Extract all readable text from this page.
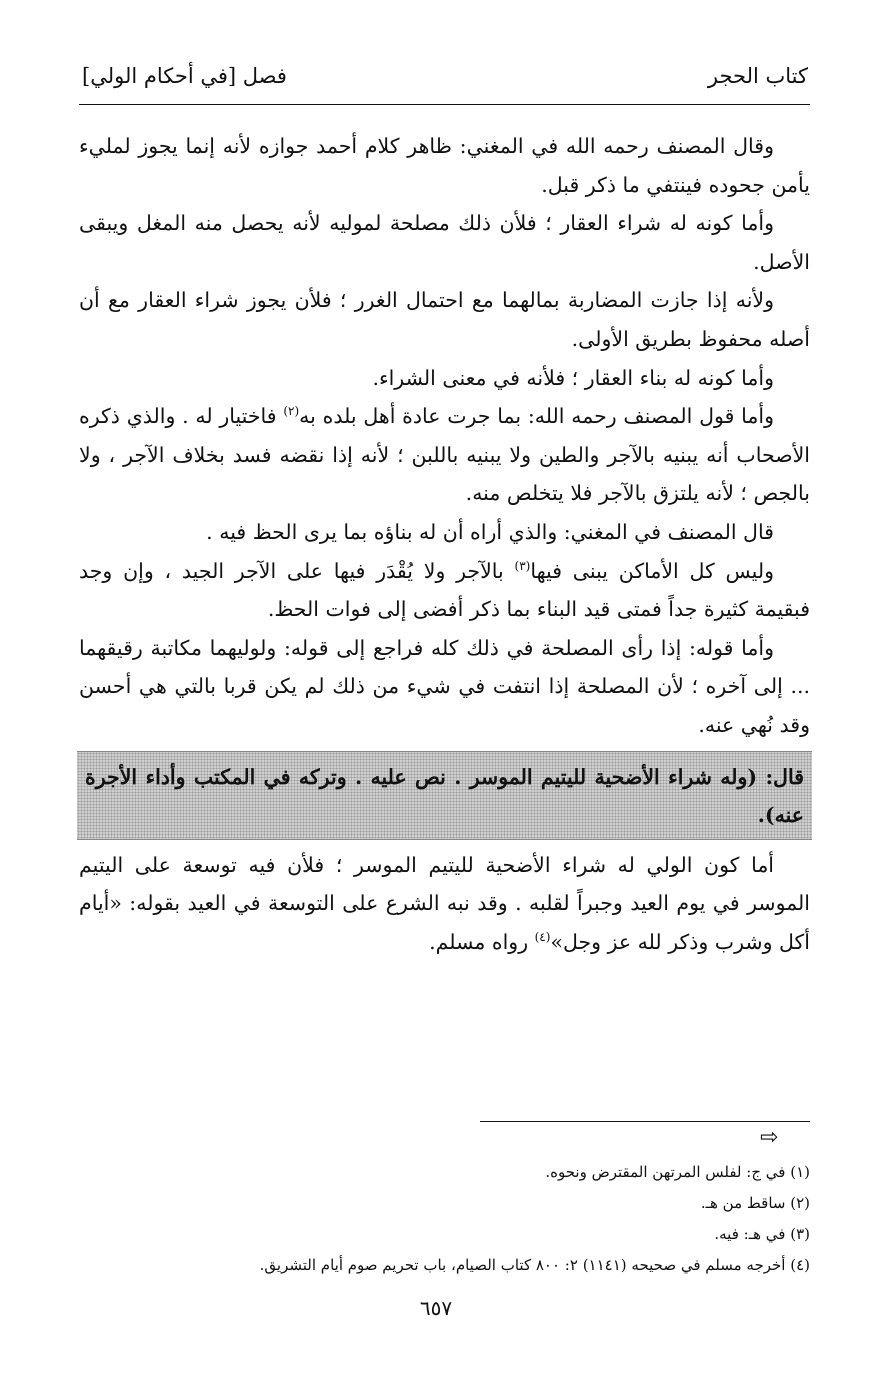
كتاب الحجر
فصل [في أحكام الولي]

وقال المصنف رحمه الله في المغني: ظاهر كلام أحمد جوازه لأنه إنما يجوز لمليء يأمن جحوده فينتفي ما ذكر قبل.

وأما كونه له شراء العقار ؛ فلأن ذلك مصلحة لموليه لأنه يحصل منه المغل ويبقى الأصل.

ولأنه إذا جازت المضاربة بمالهما مع احتمال الغرر ؛ فلأن يجوز شراء العقار مع أن أصله محفوظ بطريق الأولى.

وأما كونه له بناء العقار ؛ فلأنه في معنى الشراء.

وأما قول المصنف رحمه الله: بما جرت عادة أهل بلده به$^{(٢)}$ فاختيار له . والذي ذكره الأصحاب أنه يبنيه بالآجر والطين ولا يبنيه باللبن ؛ لأنه إذا نقضه فسد بخلاف الآجر ، ولا بالجص ؛ لأنه يلتزق بالآجر فلا يتخلص منه.

قال المصنف في المغني: والذي أراه أن له بناؤه بما يرى الحظ فيه .

وليس كل الأماكن يبنى فيها$^{(٣)}$ بالآجر ولا يُقْدَر فيها على الآجر الجيد ، وإن وجد فبقيمة كثيرة جداً فمتى قيد البناء بما ذكر أفضى إلى فوات الحظ.

وأما قوله: إذا رأى المصلحة في ذلك كله فراجع إلى قوله: ولوليهما مكاتبة رقيقهما ... إلى آخره ؛ لأن المصلحة إذا انتفت في شيء من ذلك لم يكن قربا بالتي هي أحسن وقد نُهي عنه.

قال: (وله شراء الأضحية لليتيم الموسر . نص عليه . وتركه في المكتب وأداء الأجرة عنه).

أما كون الولي له شراء الأضحية لليتيم الموسر ؛ فلأن فيه توسعة على اليتيم الموسر في يوم العيد وجبراً لقلبه . وقد نبه الشرع على التوسعة في العيد بقوله: «أيام أكل وشرب وذكر لله عز وجل»$^{(٤)}$ رواه مسلم.

⇨
(١) في ج: لفلس المرتهن المقترض ونحوه.
(٢) ساقط من هـ.
(٣) في هـ: فيه.
(٤) أخرجه مسلم في صحيحه (١١٤١) ٢: ٨٠٠ كتاب الصيام، باب تحريم صوم أيام التشريق.
٦٥٧
